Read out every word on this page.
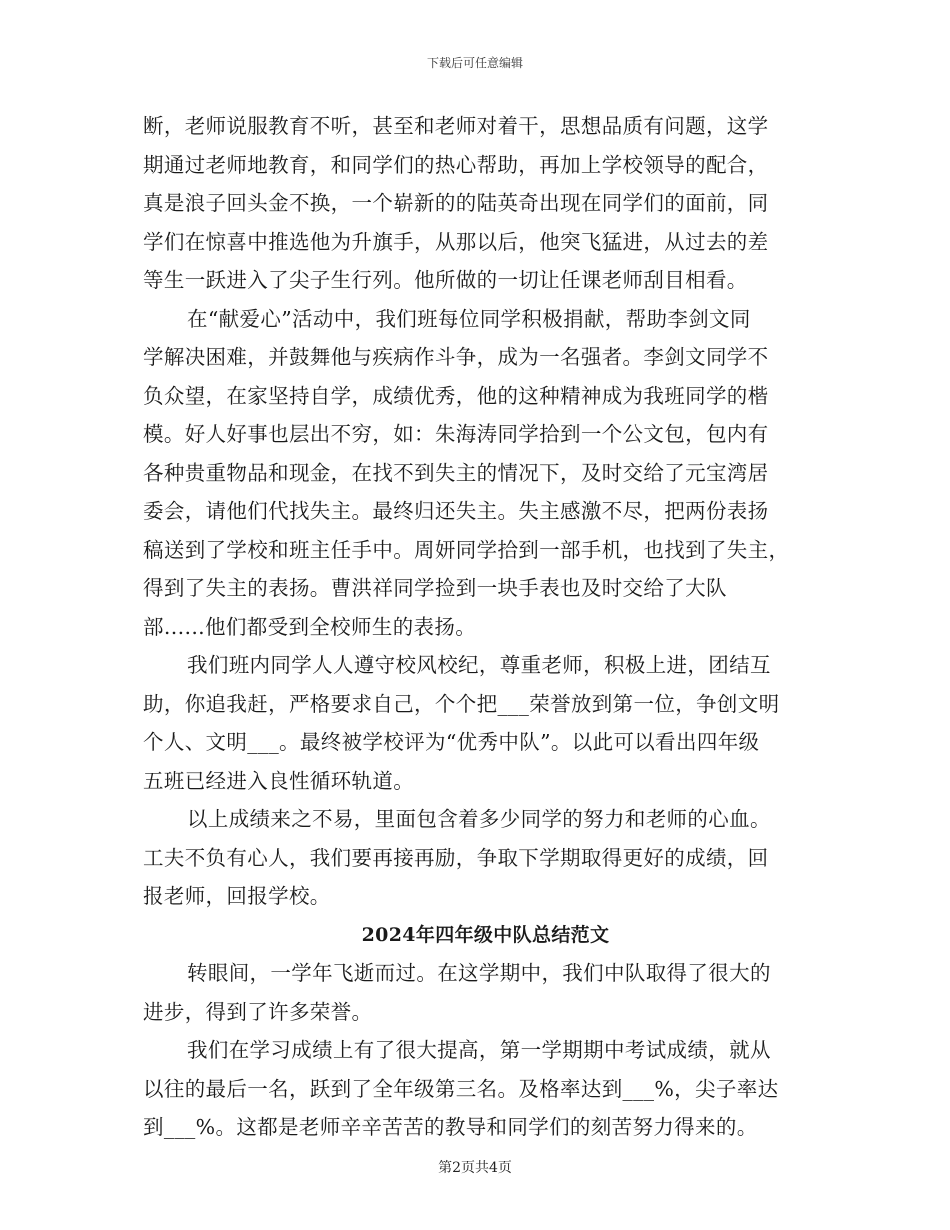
下载后可任意编辑
断，老师说服教育不听，甚至和老师对着干，思想品质有问题，这学
期通过老师地教育，和同学们的热心帮助，再加上学校领导的配合，
真是浪子回头金不换，一个崭新的的陆英奇出现在同学们的面前，同
学们在惊喜中推选他为升旗手，从那以后，他突飞猛进，从过去的差
等生一跃进入了尖子生行列。他所做的一切让任课老师刮目相看。
在“献爱心”活动中，我们班每位同学积极捐献，帮助李剑文同
学解决困难，并鼓舞他与疾病作斗争，成为一名强者。李剑文同学不
负众望，在家坚持自学，成绩优秀，他的这种精神成为我班同学的楷
模。好人好事也层出不穷，如：朱海涛同学拾到一个公文包，包内有
各种贵重物品和现金，在找不到失主的情况下，及时交给了元宝湾居
委会，请他们代找失主。最终归还失主。失主感激不尽，把两份表扬
稿送到了学校和班主任手中。周妍同学拾到一部手机，也找到了失主，
得到了失主的表扬。曹洪祥同学捡到一块手表也及时交给了大队
部......他们都受到全校师生的表扬。
我们班内同学人人遵守校风校纪，尊重老师，积极上进，团结互
助，你追我赶，严格要求自己，个个把___荣誉放到第一位，争创文明
个人、文明___。最终被学校评为“优秀中队”。以此可以看出四年级
五班已经进入良性循环轨道。
以上成绩来之不易，里面包含着多少同学的努力和老师的心血。
工夫不负有心人，我们要再接再励，争取下学期取得更好的成绩，回
报老师，回报学校。
2024年四年级中队总结范文
转眼间，一学年飞逝而过。在这学期中，我们中队取得了很大的
进步，得到了许多荣誉。
我们在学习成绩上有了很大提高，第一学期期中考试成绩，就从
以往的最后一名，跃到了全年级第三名。及格率达到___%，尖子率达
到___%。这都是老师辛辛苦苦的教导和同学们的刻苦努力得来的。
第2页共4页
